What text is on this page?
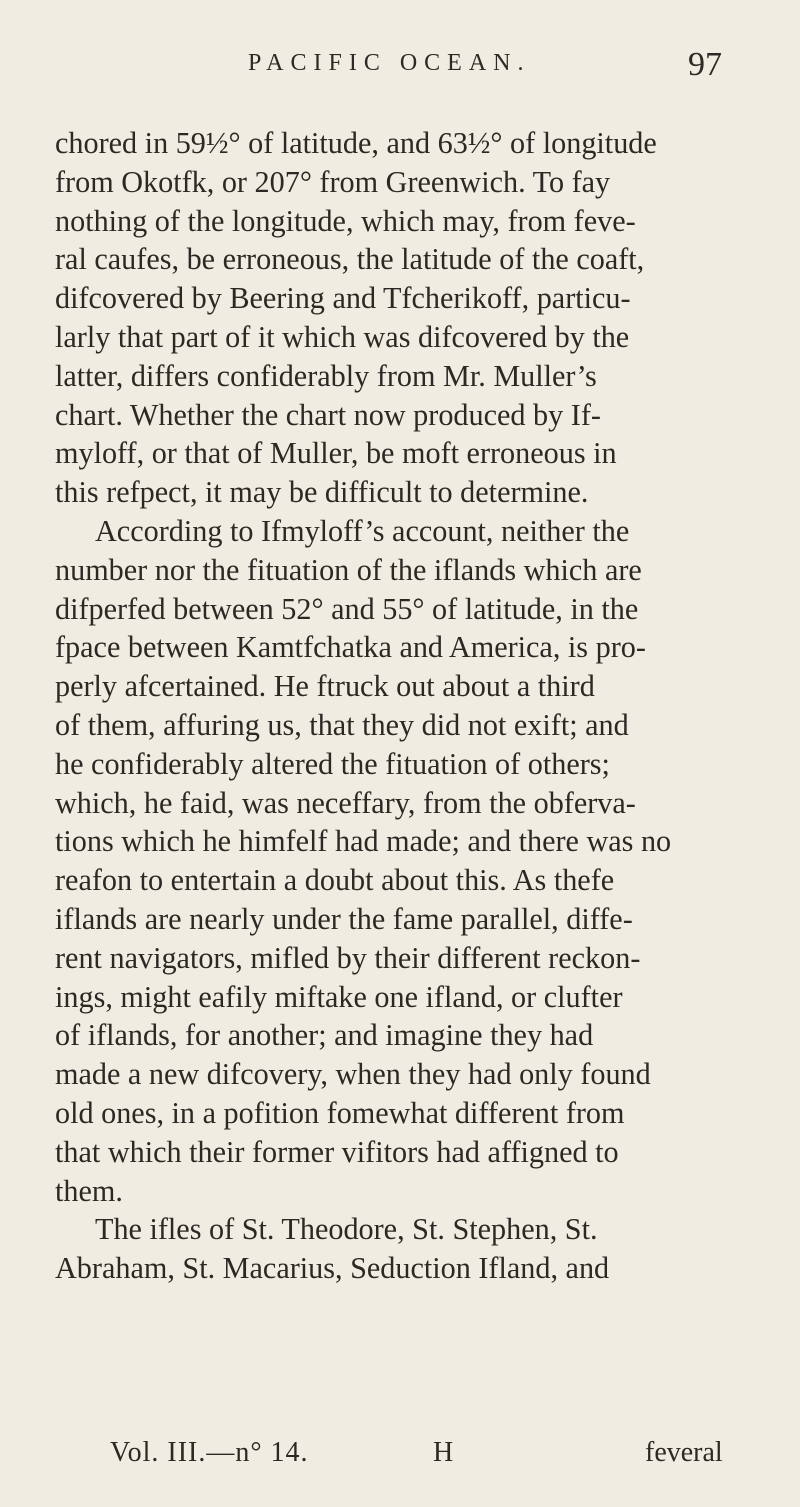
PACIFIC OCEAN.	97
chored in 59½° of latitude, and 63½° of longitude
from Okotfk, or 207° from Greenwich. To fay
nothing of the longitude, which may, from feve-
ral caufes, be erroneous, the latitude of the coaft,
difcovered by Beering and Tfcherikoff, particu-
larly that part of it which was difcovered by the
latter, differs confiderably from Mr. Muller’s
chart. Whether the chart now produced by If-
myloff, or that of Muller, be moft erroneous in
this refpect, it may be difficult to determine.
According to Ifmyloff’s account, neither the
number nor the fituation of the iflands which are
difperfed between 52° and 55° of latitude, in the
fpace between Kamtfchatka and America, is pro-
perly afcertained. He ftruck out about a third
of them, affuring us, that they did not exift; and
he confiderably altered the fituation of others;
which, he faid, was neceffary, from the obferva-
tions which he himfelf had made; and there was no
reafon to entertain a doubt about this. As thefe
iflands are nearly under the fame parallel, diffe-
rent navigators, mifled by their different reckon-
ings, might eafily miftake one ifland, or clufter
of iflands, for another; and imagine they had
made a new difcovery, when they had only found
old ones, in a pofition fomewhat different from
that which their former vifitors had affigned to
them.
The ifles of St. Theodore, St. Stephen, St.
Abraham, St. Macarius, Seduction Ifland, and
Vol. III.—n° 14.	H	feveral
